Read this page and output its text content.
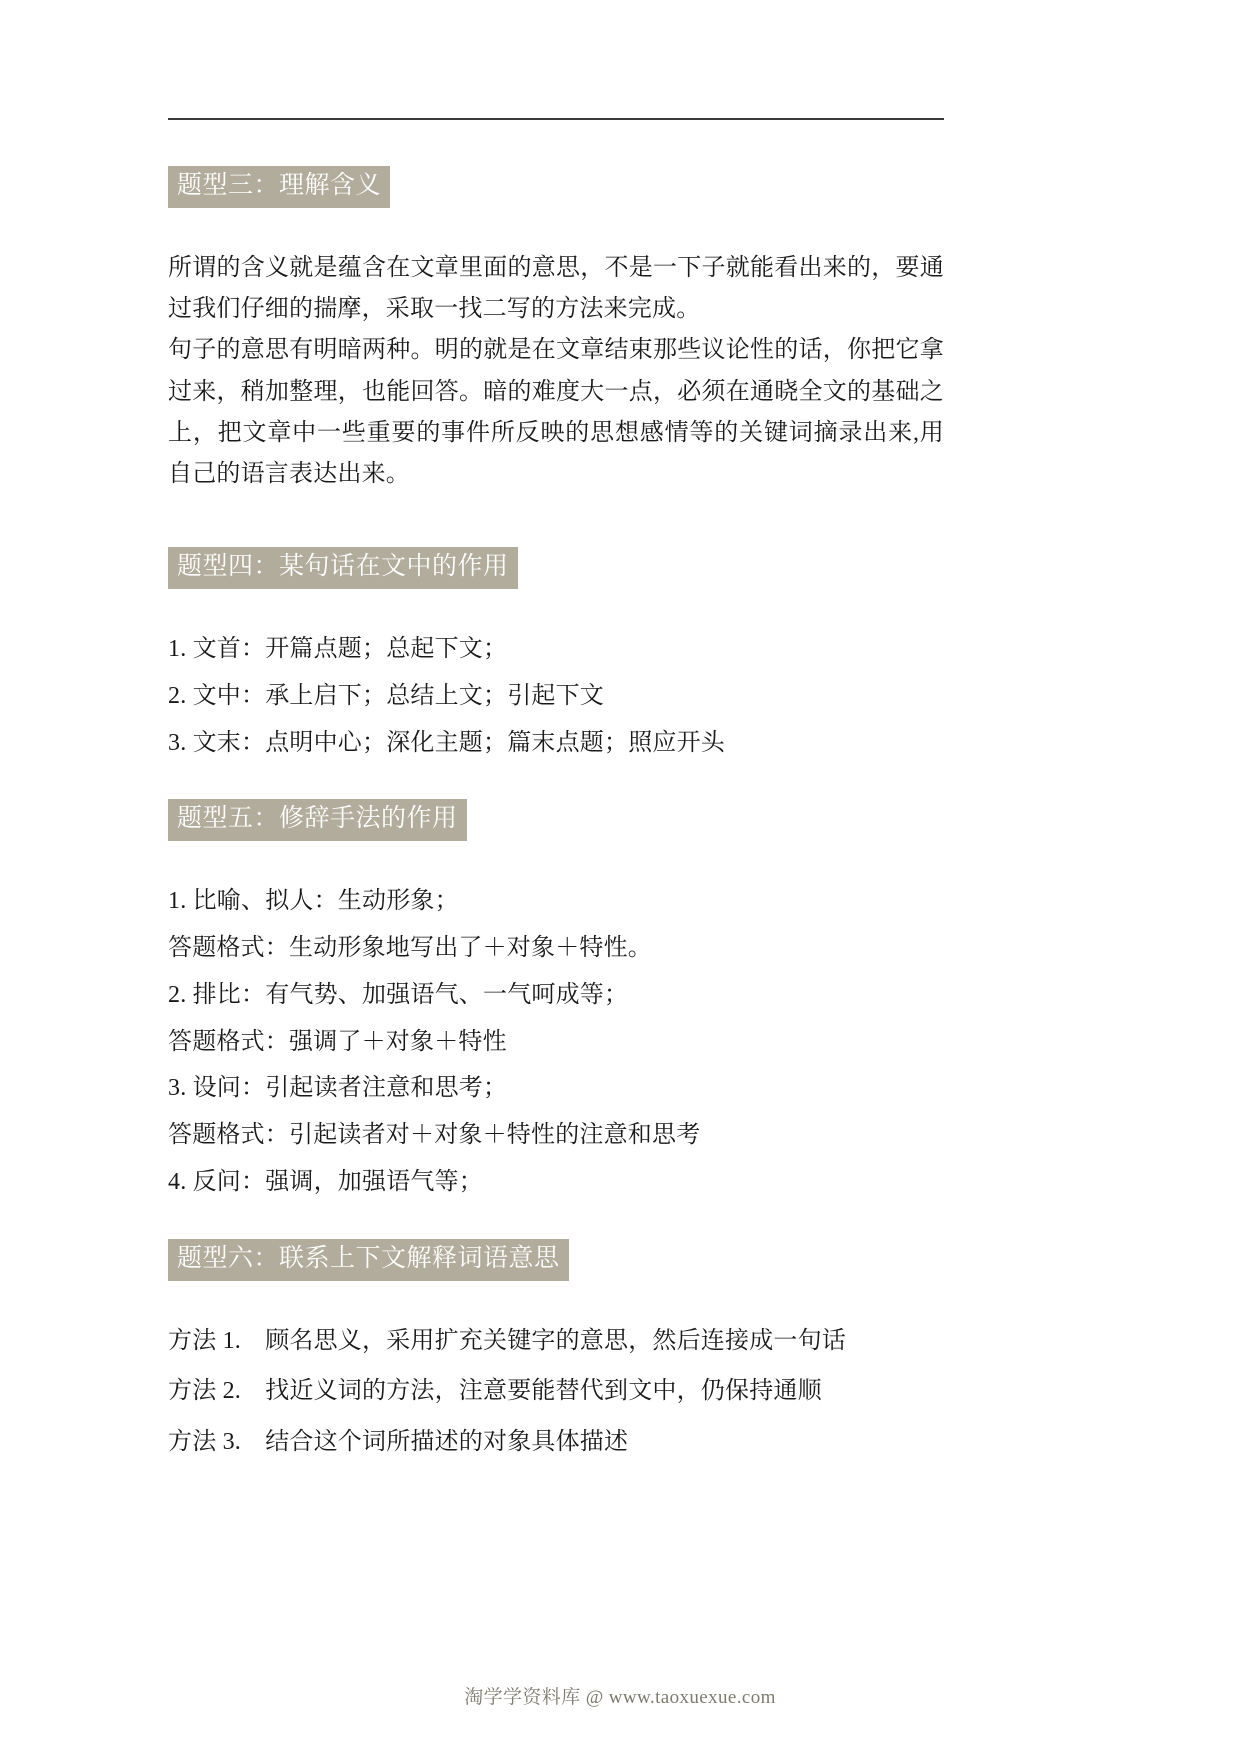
题型三：理解含义

所谓的含义就是蕴含在文章里面的意思，不是一下子就能看出来的，要通过我们仔细的揣摩，采取一找二写的方法来完成。

句子的意思有明暗两种。明的就是在文章结束那些议论性的话，你把它拿过来，稍加整理，也能回答。暗的难度大一点，必须在通晓全文的基础之上，把文章中一些重要的事件所反映的思想感情等的关键词摘录出来,用自己的语言表达出来。

题型四：某句话在文中的作用
1. 文首：开篇点题；总起下文；
2. 文中：承上启下；总结上文；引起下文
3. 文末：点明中心；深化主题；篇末点题；照应开头
题型五：修辞手法的作用
1. 比喻、拟人：生动形象；
答题格式：生动形象地写出了＋对象＋特性。
2. 排比：有气势、加强语气、一气呵成等；
答题格式：强调了＋对象＋特性
3. 设问：引起读者注意和思考；
答题格式：引起读者对＋对象＋特性的注意和思考
4. 反问：强调，加强语气等；
题型六：联系上下文解释词语意思
方法 1.　顾名思义，采用扩充关键字的意思，然后连接成一句话
方法 2.　找近义词的方法，注意要能替代到文中，仍保持通顺
方法 3.　结合这个词所描述的对象具体描述
淘学学资料库 @ www.taoxuexue.com
